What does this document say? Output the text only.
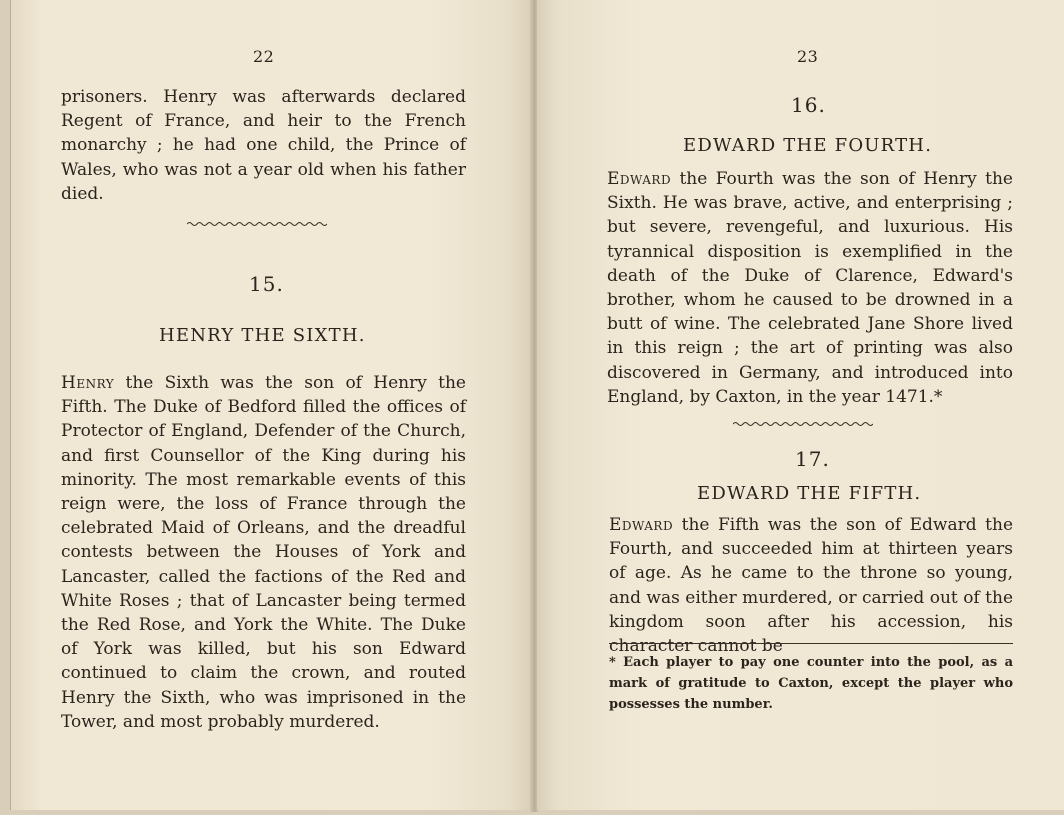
22

prisoners. Henry was afterwards declared Regent of France, and heir to the French monarchy ; he had one child, the Prince of Wales, who was not a year old when his father died.

15.
HENRY THE SIXTH.

Henry the Sixth was the son of Henry the Fifth. The Duke of Bedford filled the offices of Protector of England, Defender of the Church, and first Counsellor of the King during his minority. The most remarkable events of this reign were, the loss of France through the celebrated Maid of Orleans, and the dreadful contests between the Houses of York and Lancaster, called the factions of the Red and White Roses ; that of Lancaster being termed the Red Rose, and York the White. The Duke of York was killed, but his son Edward continued to claim the crown, and routed Henry the Sixth, who was imprisoned in the Tower, and most probably murdered.

23
16.
EDWARD THE FOURTH.

Edward the Fourth was the son of Henry the Sixth. He was brave, active, and enterprising ; but severe, revengeful, and luxurious. His tyrannical disposition is exemplified in the death of the Duke of Clarence, Edward's brother, whom he caused to be drowned in a butt of wine. The celebrated Jane Shore lived in this reign ; the art of printing was also discovered in Germany, and introduced into England, by Caxton, in the year 1471.*

17.
EDWARD THE FIFTH.

Edward the Fifth was the son of Edward the Fourth, and succeeded him at thirteen years of age. As he came to the throne so young, and was either murdered, or carried out of the kingdom soon after his accession, his character cannot be

* Each player to pay one counter into the pool, as a mark of gratitude to Caxton, except the player who possesses the number.
